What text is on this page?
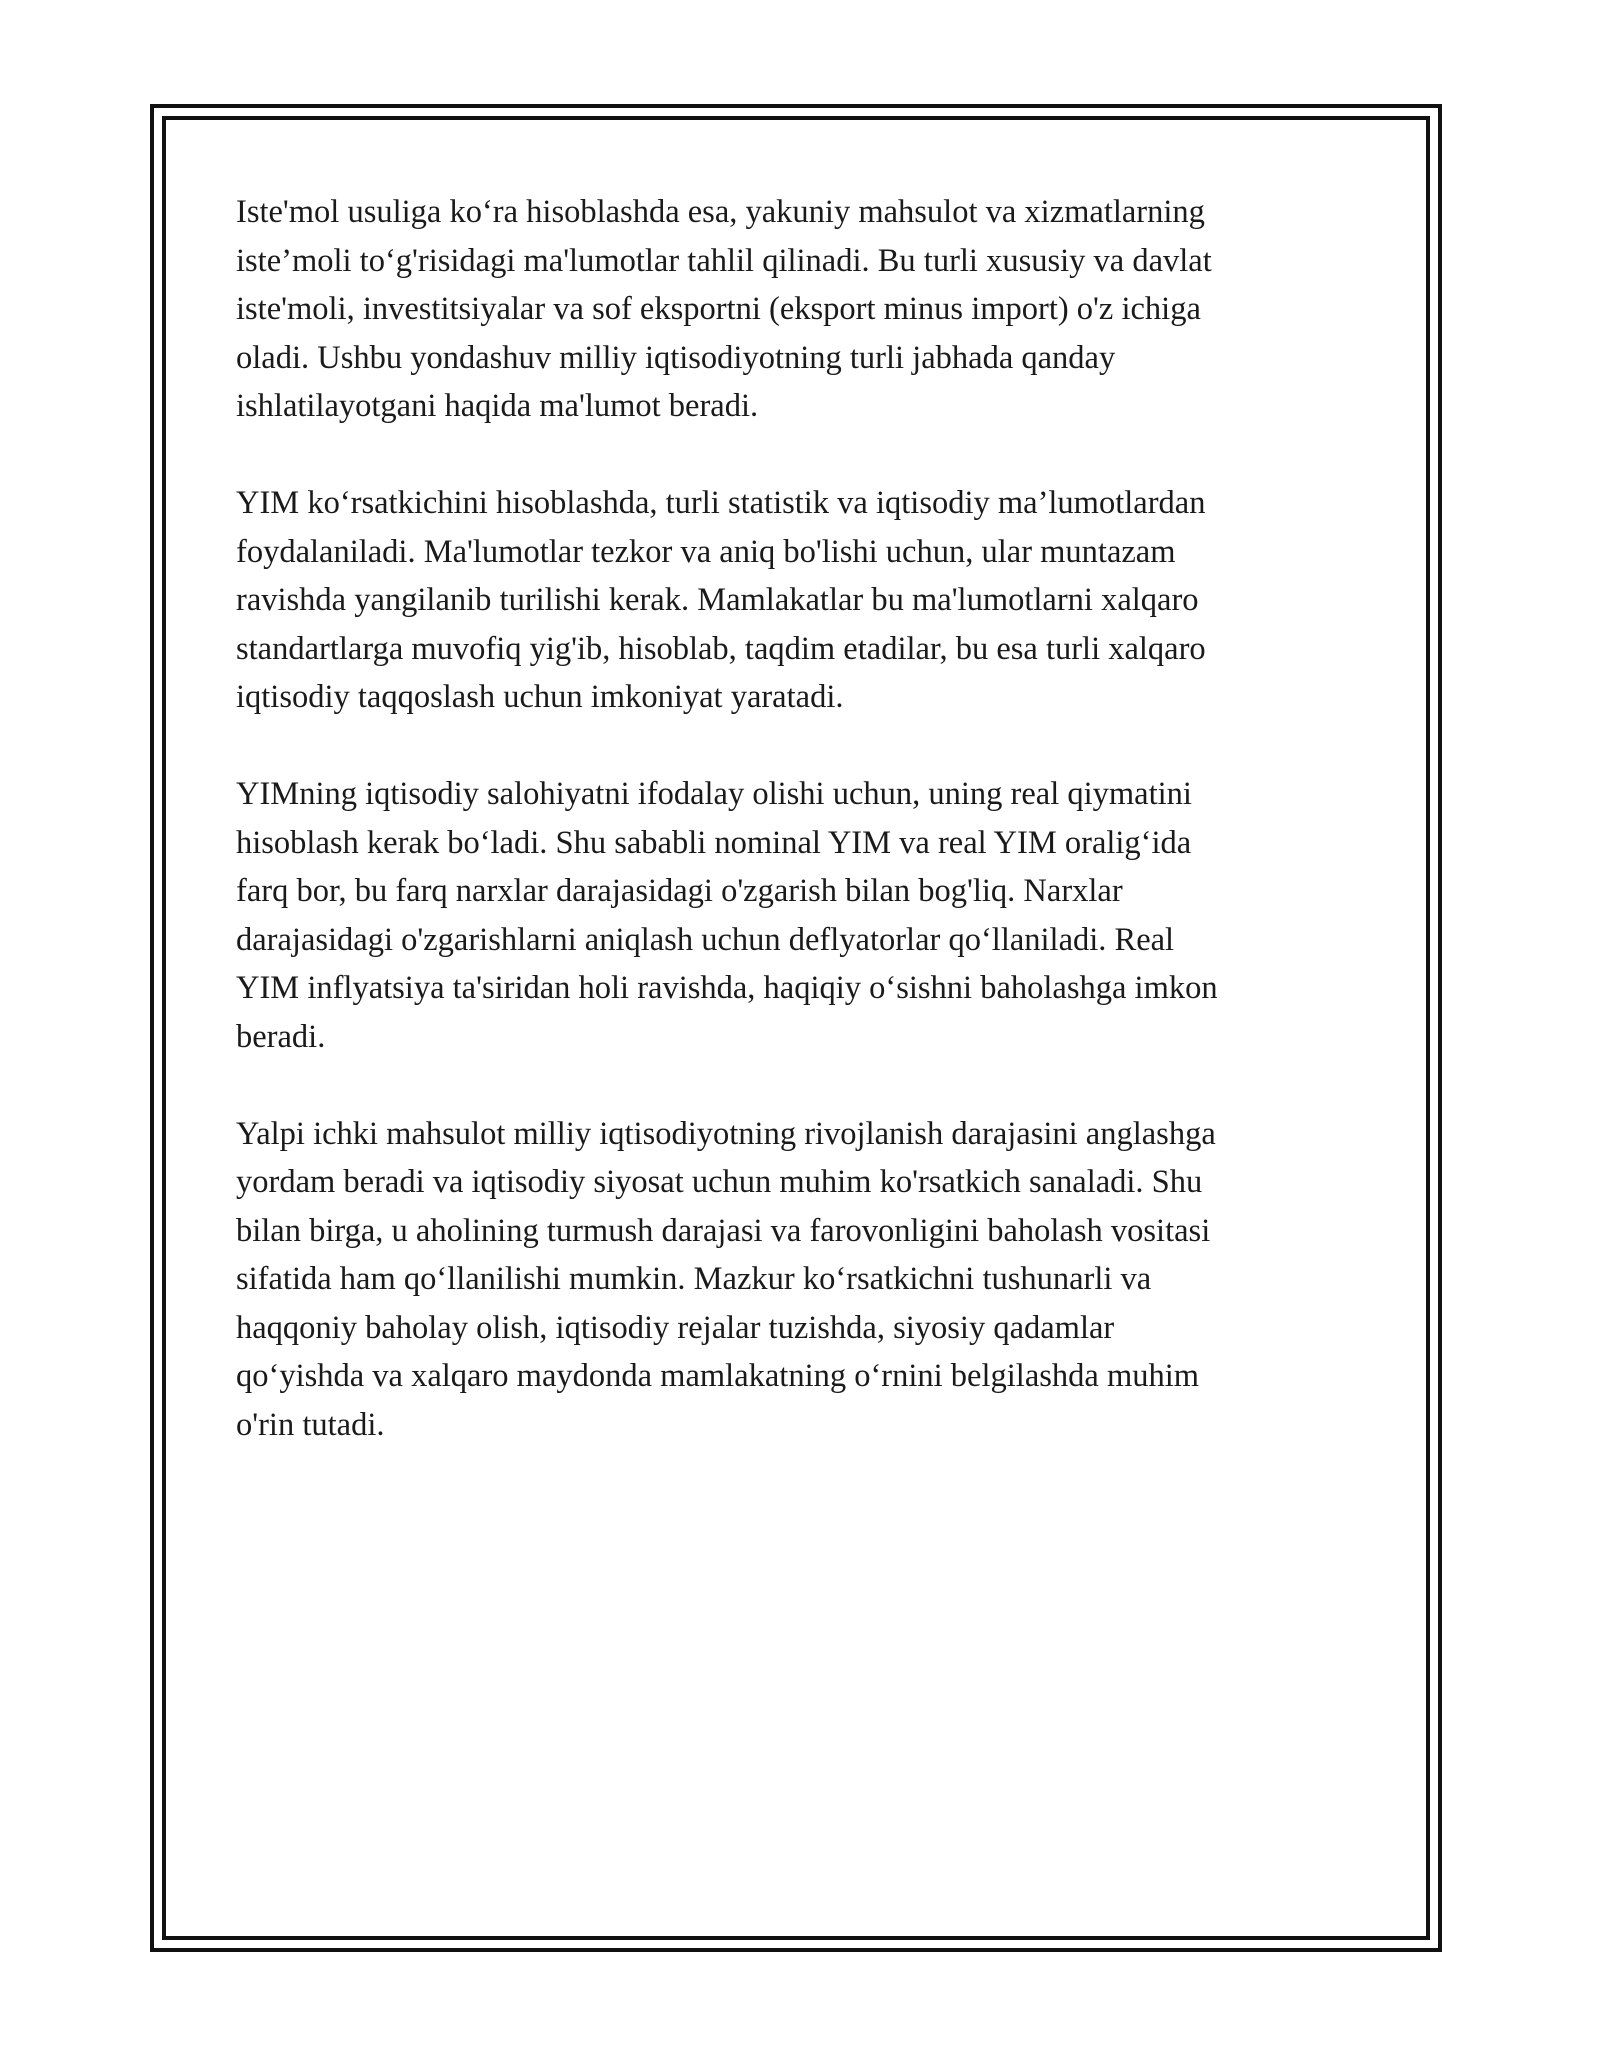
Iste'mol usuliga ko‘ra hisoblashda esa, yakuniy mahsulot va xizmatlarning
iste’moli to‘g'risidagi ma'lumotlar tahlil qilinadi. Bu turli xususiy va davlat
iste'moli, investitsiyalar va sof eksportni (eksport minus import) o'z ichiga
oladi. Ushbu yondashuv milliy iqtisodiyotning turli jabhada qanday
ishlatilayotgani haqida ma'lumot beradi.

YIM ko‘rsatkichini hisoblashda, turli statistik va iqtisodiy ma’lumotlardan
foydalaniladi. Ma'lumotlar tezkor va aniq bo'lishi uchun, ular muntazam
ravishda yangilanib turilishi kerak. Mamlakatlar bu ma'lumotlarni xalqaro
standartlarga muvofiq yig'ib, hisoblab, taqdim etadilar, bu esa turli xalqaro
iqtisodiy taqqoslash uchun imkoniyat yaratadi.

YIMning iqtisodiy salohiyatni ifodalay olishi uchun, uning real qiymatini
hisoblash kerak bo‘ladi. Shu sababli nominal YIM va real YIM oralig‘ida
farq bor, bu farq narxlar darajasidagi o'zgarish bilan bog'liq. Narxlar
darajasidagi o'zgarishlarni aniqlash uchun deflyatorlar qo‘llaniladi. Real
YIM inflyatsiya ta'siridan holi ravishda, haqiqiy o‘sishni baholashga imkon
beradi.

Yalpi ichki mahsulot milliy iqtisodiyotning rivojlanish darajasini anglashga
yordam beradi va iqtisodiy siyosat uchun muhim ko'rsatkich sanaladi. Shu
bilan birga, u aholining turmush darajasi va farovonligini baholash vositasi
sifatida ham qo‘llanilishi mumkin. Mazkur ko‘rsatkichni tushunarli va
haqqoniy baholay olish, iqtisodiy rejalar tuzishda, siyosiy qadamlar
qo‘yishda va xalqaro maydonda mamlakatning o‘rnini belgilashda muhim
o'rin tutadi.
